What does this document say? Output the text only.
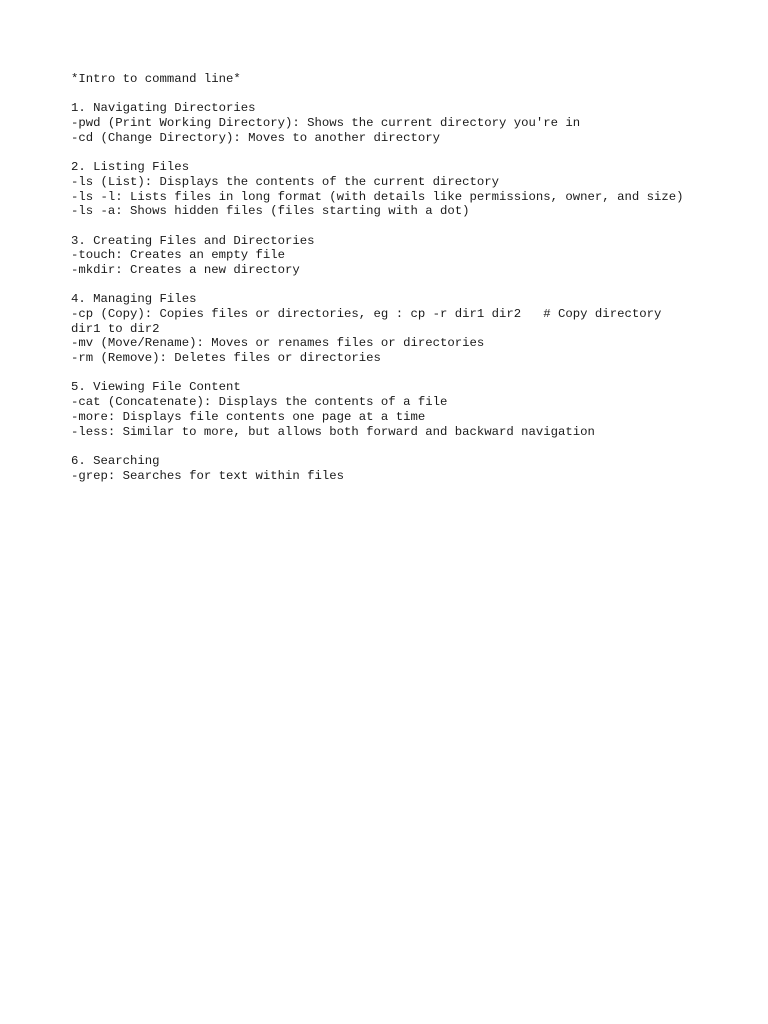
*Intro to command line*
1. Navigating Directories
-pwd (Print Working Directory): Shows the current directory you're in
-cd (Change Directory): Moves to another directory
2. Listing Files
-ls (List): Displays the contents of the current directory
-ls -l: Lists files in long format (with details like permissions, owner, and size)
-ls -a: Shows hidden files (files starting with a dot)
3. Creating Files and Directories
-touch: Creates an empty file
-mkdir: Creates a new directory
4. Managing Files
-cp (Copy): Copies files or directories, eg : cp -r dir1 dir2   # Copy directory
dir1 to dir2
-mv (Move/Rename): Moves or renames files or directories
-rm (Remove): Deletes files or directories
5. Viewing File Content
-cat (Concatenate): Displays the contents of a file
-more: Displays file contents one page at a time
-less: Similar to more, but allows both forward and backward navigation
6. Searching
-grep: Searches for text within files
